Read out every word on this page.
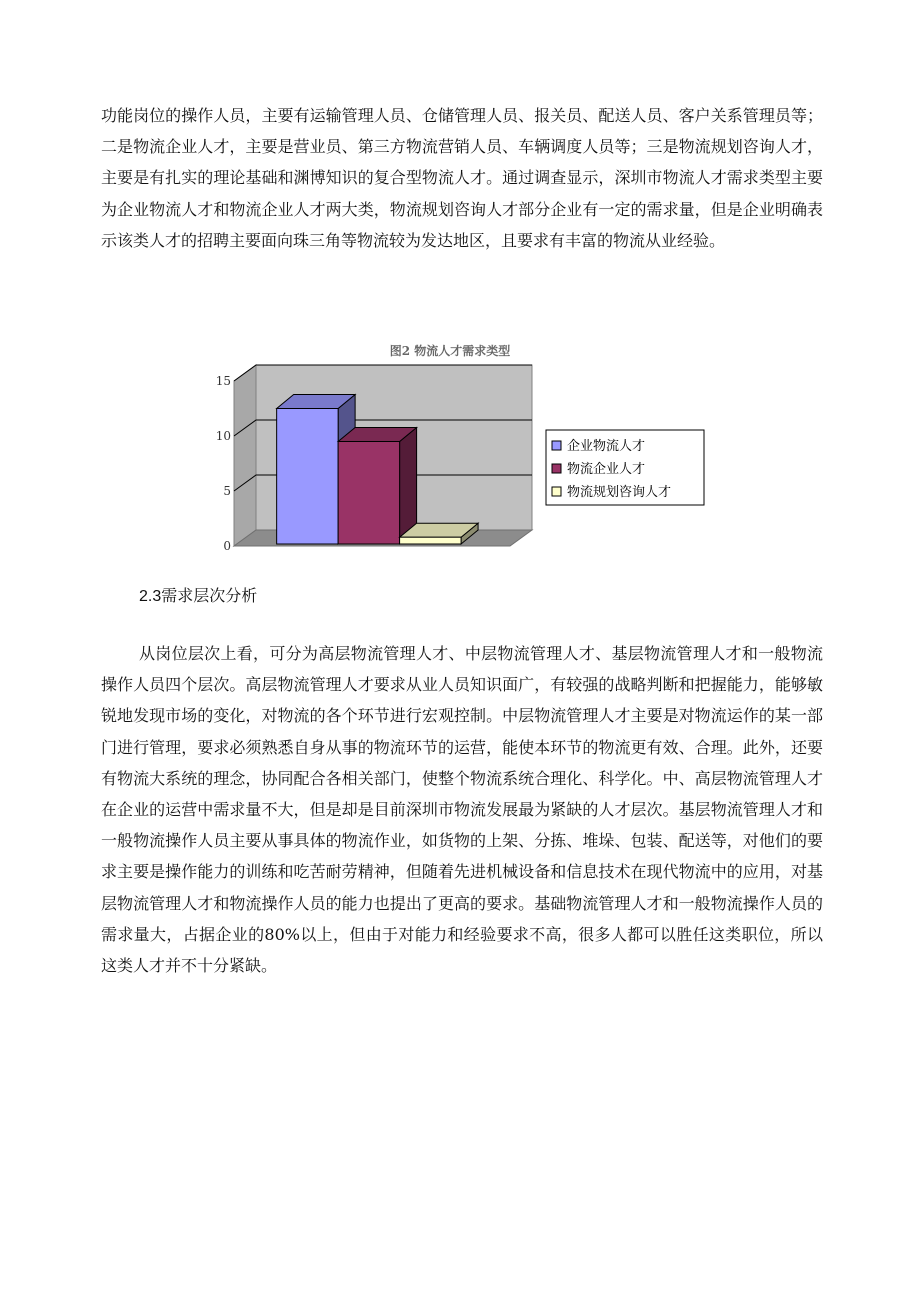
功能岗位的操作人员，主要有运输管理人员、仓储管理人员、报关员、配送人员、客户关系管理员等；二是物流企业人才，主要是营业员、第三方物流营销人员、车辆调度人员等；三是物流规划咨询人才，主要是有扎实的理论基础和渊博知识的复合型物流人才。通过调查显示，深圳市物流人才需求类型主要为企业物流人才和物流企业人才两大类，物流规划咨询人才部分企业有一定的需求量，但是企业明确表示该类人才的招聘主要面向珠三角等物流较为发达地区，且要求有丰富的物流从业经验。

图2 物流人才需求类型
15
10
5
0
企业物流人才
物流企业人才
物流规划咨询人才

2.3需求层次分析

从岗位层次上看，可分为高层物流管理人才、中层物流管理人才、基层物流管理人才和一般物流操作人员四个层次。高层物流管理人才要求从业人员知识面广，有较强的战略判断和把握能力，能够敏锐地发现市场的变化，对物流的各个环节进行宏观控制。中层物流管理人才主要是对物流运作的某一部门进行管理，要求必须熟悉自身从事的物流环节的运营，能使本环节的物流更有效、合理。此外，还要有物流大系统的理念，协同配合各相关部门，使整个物流系统合理化、科学化。中、高层物流管理人才在企业的运营中需求量不大，但是却是目前深圳市物流发展最为紧缺的人才层次。基层物流管理人才和一般物流操作人员主要从事具体的物流作业，如货物的上架、分拣、堆垛、包装、配送等，对他们的要求主要是操作能力的训练和吃苦耐劳精神，但随着先进机械设备和信息技术在现代物流中的应用，对基层物流管理人才和物流操作人员的能力也提出了更高的要求。基础物流管理人才和一般物流操作人员的需求量大，占据企业的80%以上，但由于对能力和经验要求不高，很多人都可以胜任这类职位，所以这类人才并不十分紧缺。
